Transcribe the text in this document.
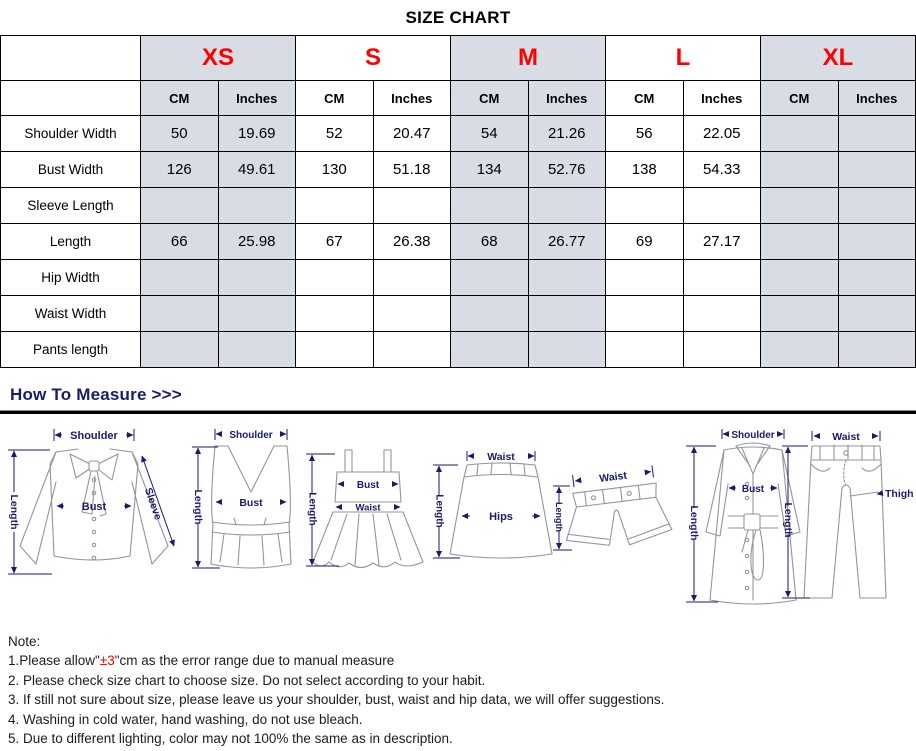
SIZE CHART
	XS		S		M		L		XL	
	CM	Inches	CM	Inches	CM	Inches	CM	Inches	CM	Inches
Shoulder Width	50	19.69	52	20.47	54	21.26	56	22.05		
Bust Width	126	49.61	130	51.18	134	52.76	138	54.33		
Sleeve Length										
Length	66	25.98	67	26.38	68	26.77	69	27.17		
Hip Width										
Waist Width										
Pants length										
How To Measure >>>
Shoulder
Length	Bust	Sleeve
Shoulder
Length	Bust
Bust
Waist
Length
Waist
Hips
Length
Waist
Length
Shoulder
Length
Bust
Waist
Length
Thigh
Note:
1.Please allow"±3"cm as the error range due to manual measure
2. Please check size chart to choose size. Do not select according to your habit.
3. If still not sure about size, please leave us your shoulder, bust, waist and hip data, we will offer suggestions.
4. Washing in cold water, hand washing, do not use bleach.
5. Due to different lighting, color may not 100% the same as in description.
